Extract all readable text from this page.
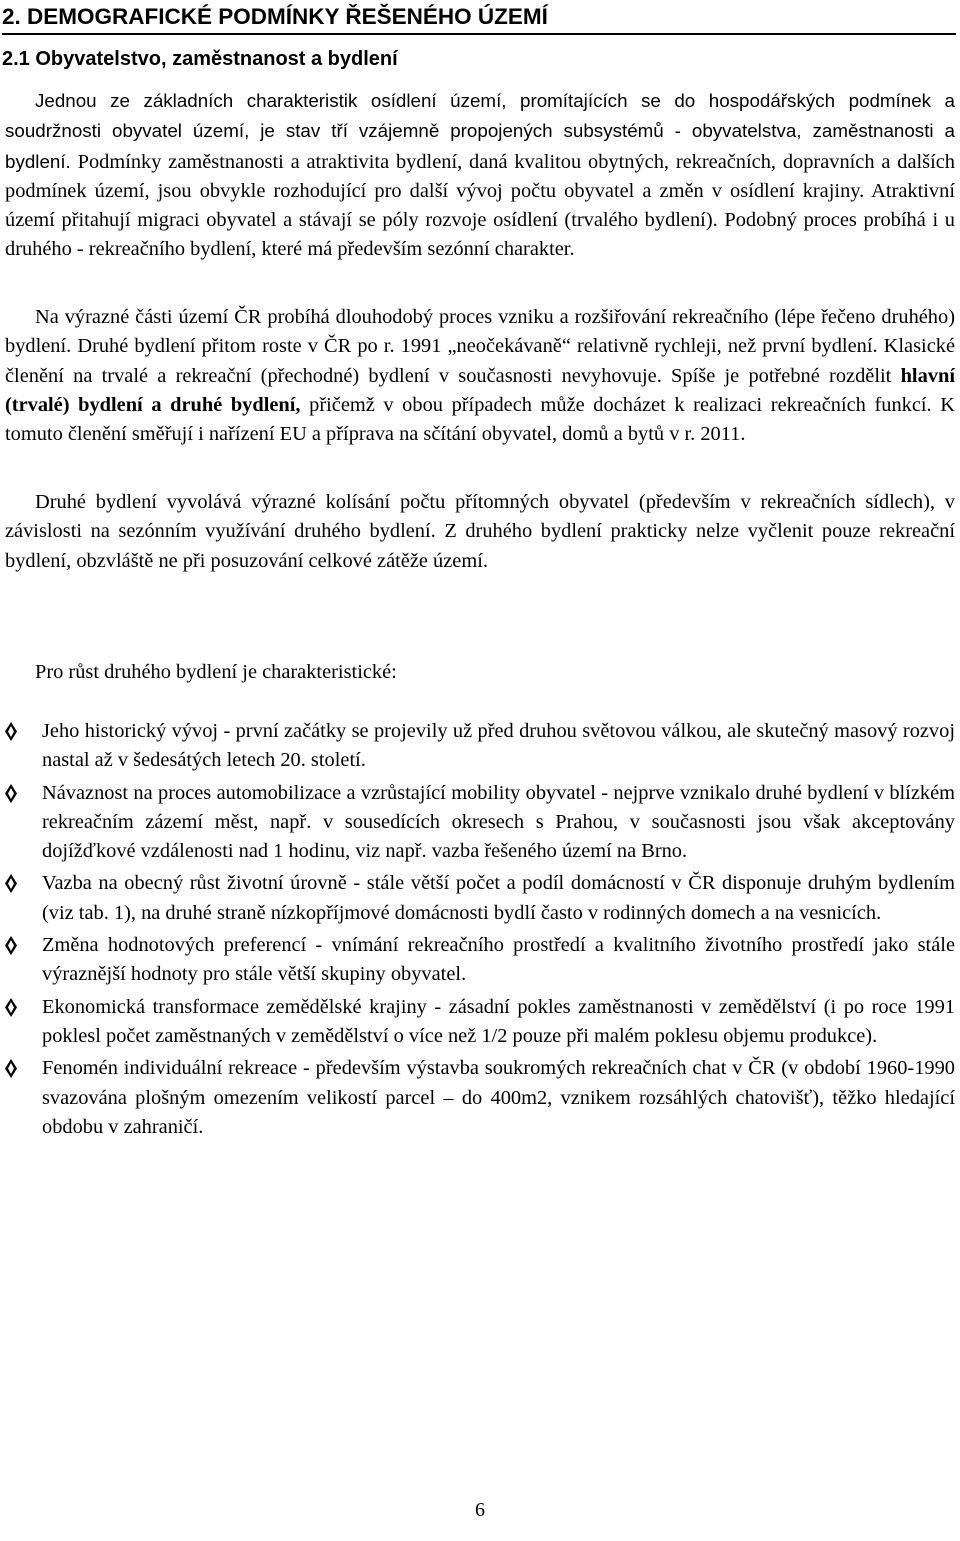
2. DEMOGRAFICKÉ PODMÍNKY ŘEŠENÉHO ÚZEMÍ
2.1 Obyvatelstvo, zaměstnanost a bydlení

Jednou ze základních charakteristik osídlení území, promítajících se do hospodářských podmínek a soudržnosti obyvatel území, je stav tří vzájemně propojených subsystémů - obyvatelstva, zaměstnanosti a bydlení. Podmínky zaměstnanosti a atraktivita bydlení, daná kvalitou obytných, rekreačních, dopravních a dalších podmínek území, jsou obvykle rozhodující pro další vývoj počtu obyvatel a změn v osídlení krajiny. Atraktivní území přitahují migraci obyvatel a stávají se póly rozvoje osídlení (trvalého bydlení). Podobný proces probíhá i u druhého - rekreačního bydlení, které má především sezónní charakter.

Na výrazné části území ČR probíhá dlouhodobý proces vzniku a rozšiřování rekreačního (lépe řečeno druhého) bydlení. Druhé bydlení přitom roste v ČR po r. 1991 „neočekávaně“ relativně rychleji, než první bydlení. Klasické členění na trvalé a rekreační (přechodné) bydlení v současnosti nevyhovuje. Spíše je potřebné rozdělit hlavní (trvalé) bydlení a druhé bydlení, přičemž v obou případech může docházet k realizaci rekreačních funkcí. K tomuto členění směřují i nařízení EU a příprava na sčítání obyvatel, domů a bytů v r. 2011.

Druhé bydlení vyvolává výrazné kolísání počtu přítomných obyvatel (především v rekreačních sídlech), v závislosti na sezónním využívání druhého bydlení. Z druhého bydlení prakticky nelze vyčlenit pouze rekreační bydlení, obzvláště ne při posuzování celkové zátěže území.

Pro růst druhého bydlení je charakteristické:

Jeho historický vývoj - první začátky se projevily už před druhou světovou válkou, ale skutečný masový rozvoj nastal až v šedesátých letech 20. století.
Návaznost na proces automobilizace a vzrůstající mobility obyvatel - nejprve vznikalo druhé bydlení v blízkém rekreačním zázemí měst, např. v sousedících okresech s Prahou, v současnosti jsou však akceptovány dojížďkové vzdálenosti nad 1 hodinu, viz např. vazba řešeného území na Brno.
Vazba na obecný růst životní úrovně - stále větší počet a podíl domácností v ČR disponuje druhým bydlením (viz tab. 1), na druhé straně nízkopříjmové domácnosti bydlí často v rodinných domech a na vesnicích.
Změna hodnotových preferencí - vnímání rekreačního prostředí a kvalitního životního prostředí jako stále výraznější hodnoty pro stále větší skupiny obyvatel.
Ekonomická transformace zemědělské krajiny - zásadní pokles zaměstnanosti v zemědělství (i po roce 1991 poklesl počet zaměstnaných v zemědělství o více než 1/2 pouze při malém poklesu objemu produkce).
Fenomén individuální rekreace - především výstavba soukromých rekreačních chat v ČR (v období 1960-1990 svazována plošným omezením velikostí parcel – do 400m2, vznikem rozsáhlých chatovišť), těžko hledající obdobu v zahraničí.
6
